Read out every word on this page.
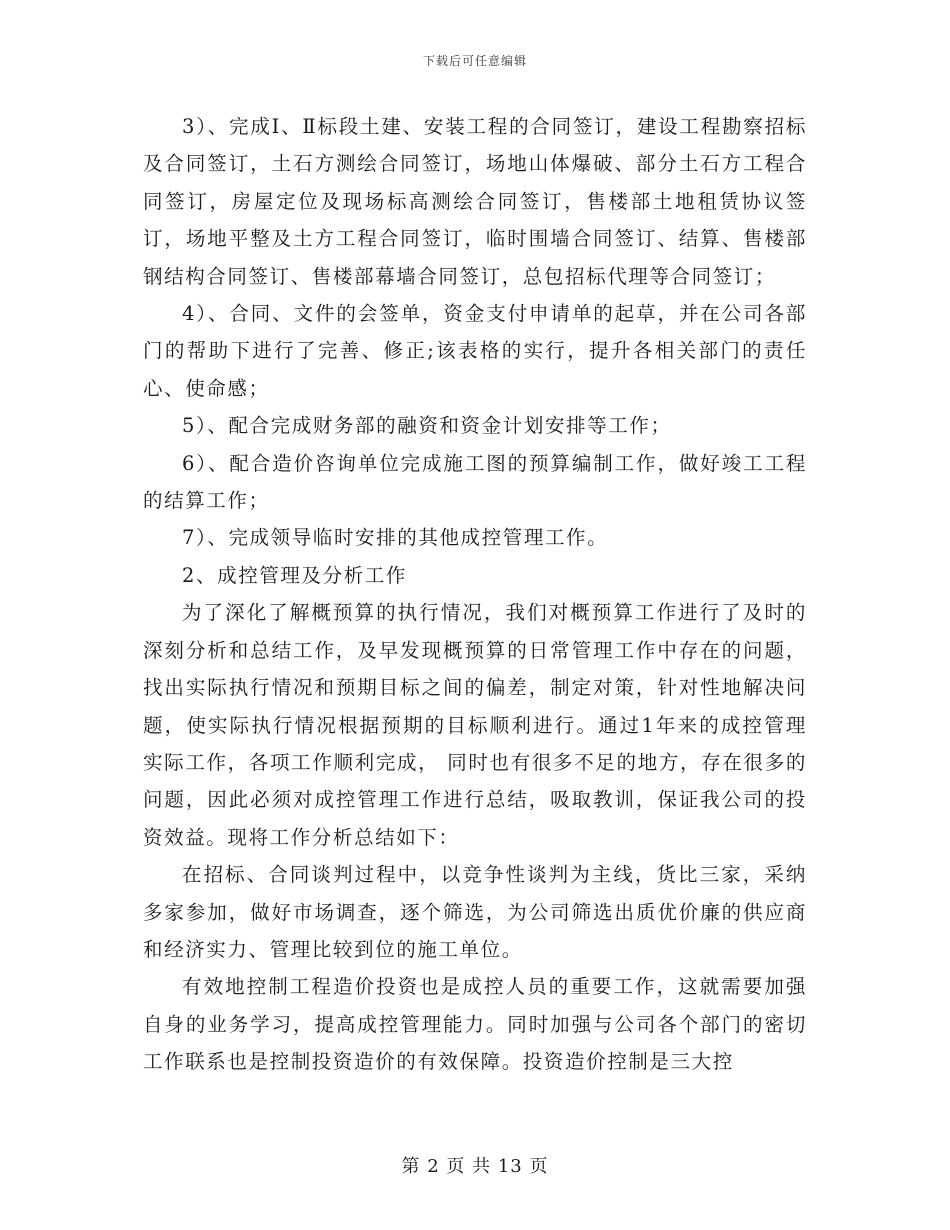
下载后可任意编辑

3）、完成Ⅰ、Ⅱ标段土建、安装工程的合同签订，建设工程勘察招标及合同签订，土石方测绘合同签订，场地山体爆破、部分土石方工程合同签订，房屋定位及现场标高测绘合同签订，售楼部土地租赁协议签订，场地平整及土方工程合同签订，临时围墙合同签订、结算、售楼部钢结构合同签订、售楼部幕墙合同签订，总包招标代理等合同签订；

4）、合同、文件的会签单，资金支付申请单的起草，并在公司各部门的帮助下进行了完善、修正;该表格的实行，提升各相关部门的责任心、使命感；

5）、配合完成财务部的融资和资金计划安排等工作；

6）、配合造价咨询单位完成施工图的预算编制工作，做好竣工工程的结算工作；

7）、完成领导临时安排的其他成控管理工作。

2、成控管理及分析工作

为了深化了解概预算的执行情况，我们对概预算工作进行了及时的深刻分析和总结工作，及早发现概预算的日常管理工作中存在的问题，找出实际执行情况和预期目标之间的偏差，制定对策，针对性地解决问题，使实际执行情况根据预期的目标顺利进行。通过1年来的成控管理实际工作，各项工作顺利完成， 同时也有很多不足的地方，存在很多的问题，因此必须对成控管理工作进行总结，吸取教训，保证我公司的投资效益。现将工作分析总结如下：

在招标、合同谈判过程中，以竞争性谈判为主线，货比三家，采纳多家参加，做好市场调查，逐个筛选，为公司筛选出质优价廉的供应商和经济实力、管理比较到位的施工单位。

有效地控制工程造价投资也是成控人员的重要工作，这就需要加强自身的业务学习，提高成控管理能力。同时加强与公司各个部门的密切工作联系也是控制投资造价的有效保障。投资造价控制是三大控

第 2 页 共 13 页
